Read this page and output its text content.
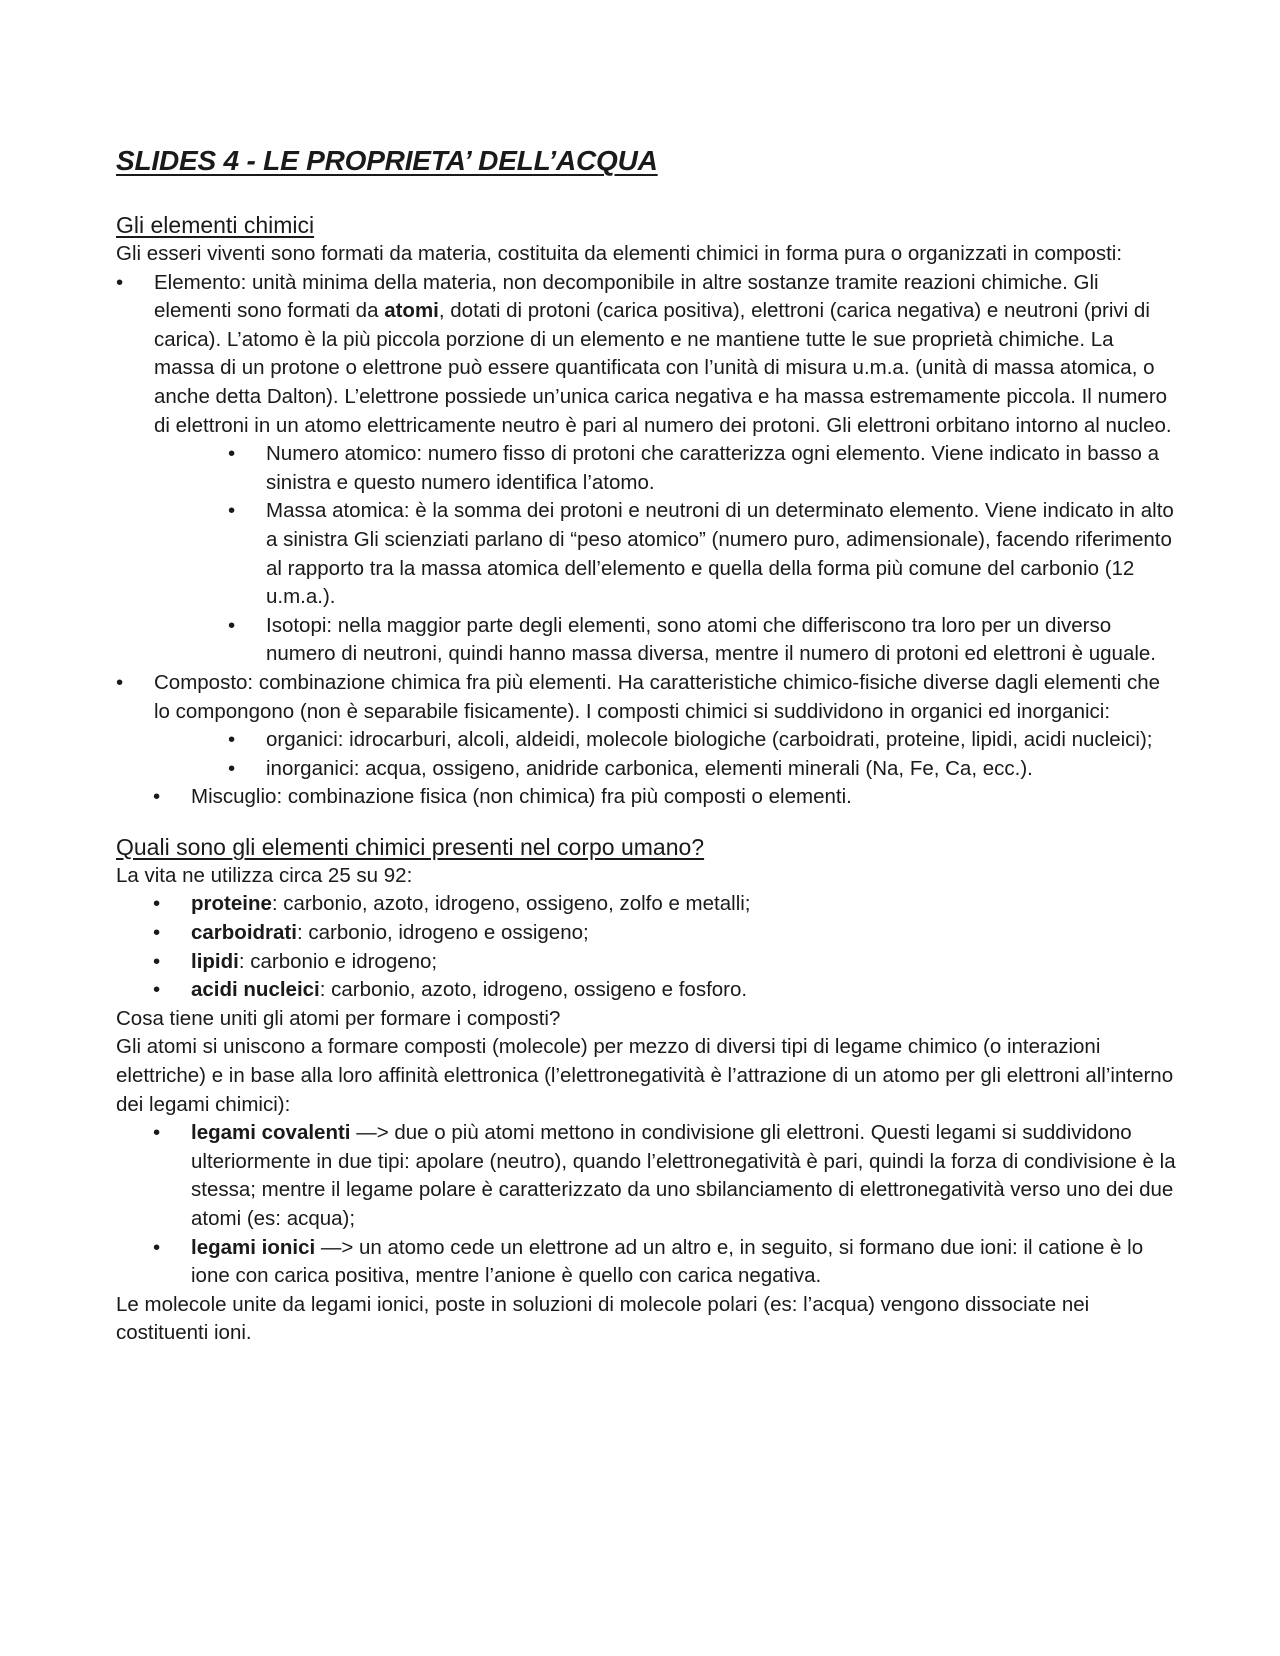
SLIDES 4 - LE PROPRIETA’ DELL’ACQUA
Gli elementi chimici

Gli esseri viventi sono formati da materia, costituita da elementi chimici in forma pura o organizzati in composti:

• Elemento: unità minima della materia, non decomponibile in altre sostanze tramite reazioni chimiche. Gli elementi sono formati da atomi, dotati di protoni (carica positiva), elettroni (carica negativa) e neutroni (privi di carica). L’atomo è la più piccola porzione di un elemento e ne mantiene tutte le sue proprietà chimiche. La massa di un protone o elettrone può essere quantificata con l’unità di misura u.m.a. (unità di massa atomica, o anche detta Dalton). L’elettrone possiede un’unica carica negativa e ha massa estremamente piccola. Il numero di elettroni in un atomo elettricamente neutro è pari al numero dei protoni. Gli elettroni orbitano intorno al nucleo.
• Numero atomico: numero fisso di protoni che caratterizza ogni elemento. Viene indicato in basso a sinistra e questo numero identifica l’atomo.
• Massa atomica: è la somma dei protoni e neutroni di un determinato elemento. Viene indicato in alto a sinistra Gli scienziati parlano di “peso atomico” (numero puro, adimensionale), facendo riferimento al rapporto tra la massa atomica dell’elemento e quella della forma più comune del carbonio (12 u.m.a.).
• Isotopi: nella maggior parte degli elementi, sono atomi che differiscono tra loro per un diverso numero di neutroni, quindi hanno massa diversa, mentre il numero di protoni ed elettroni è uguale.
• Composto: combinazione chimica fra più elementi. Ha caratteristiche chimico-fisiche diverse dagli elementi che lo compongono (non è separabile fisicamente). I composti chimici si suddividono in organici ed inorganici:
• organici: idrocarburi, alcoli, aldeidi, molecole biologiche (carboidrati, proteine, lipidi, acidi nucleici);
• inorganici: acqua, ossigeno, anidride carbonica, elementi minerali (Na, Fe, Ca, ecc.).
• Miscuglio: combinazione fisica (non chimica) fra più composti o elementi.
Quali sono gli elementi chimici presenti nel corpo umano?

La vita ne utilizza circa 25 su 92:

• proteine: carbonio, azoto, idrogeno, ossigeno, zolfo e metalli;
• carboidrati: carbonio, idrogeno e ossigeno;
• lipidi: carbonio e idrogeno;
• acidi nucleici: carbonio, azoto, idrogeno, ossigeno e fosforo.

Cosa tiene uniti gli atomi per formare i composti?

Gli atomi si uniscono a formare composti (molecole) per mezzo di diversi tipi di legame chimico (o interazioni elettriche) e in base alla loro affinità elettronica (l’elettronegatività è l’attrazione di un atomo per gli elettroni all’interno dei legami chimici):

• legami covalenti —> due o più atomi mettono in condivisione gli elettroni. Questi legami si suddividono ulteriormente in due tipi: apolare (neutro), quando l’elettronegatività è pari, quindi la forza di condivisione è la stessa; mentre il legame polare è caratterizzato da uno sbilanciamento di elettronegatività verso uno dei due atomi (es: acqua);
• legami ionici —> un atomo cede un elettrone ad un altro e, in seguito, si formano due ioni: il catione è lo ione con carica positiva, mentre l’anione è quello con carica negativa.

Le molecole unite da legami ionici, poste in soluzioni di molecole polari (es: l’acqua) vengono dissociate nei costituenti ioni.
